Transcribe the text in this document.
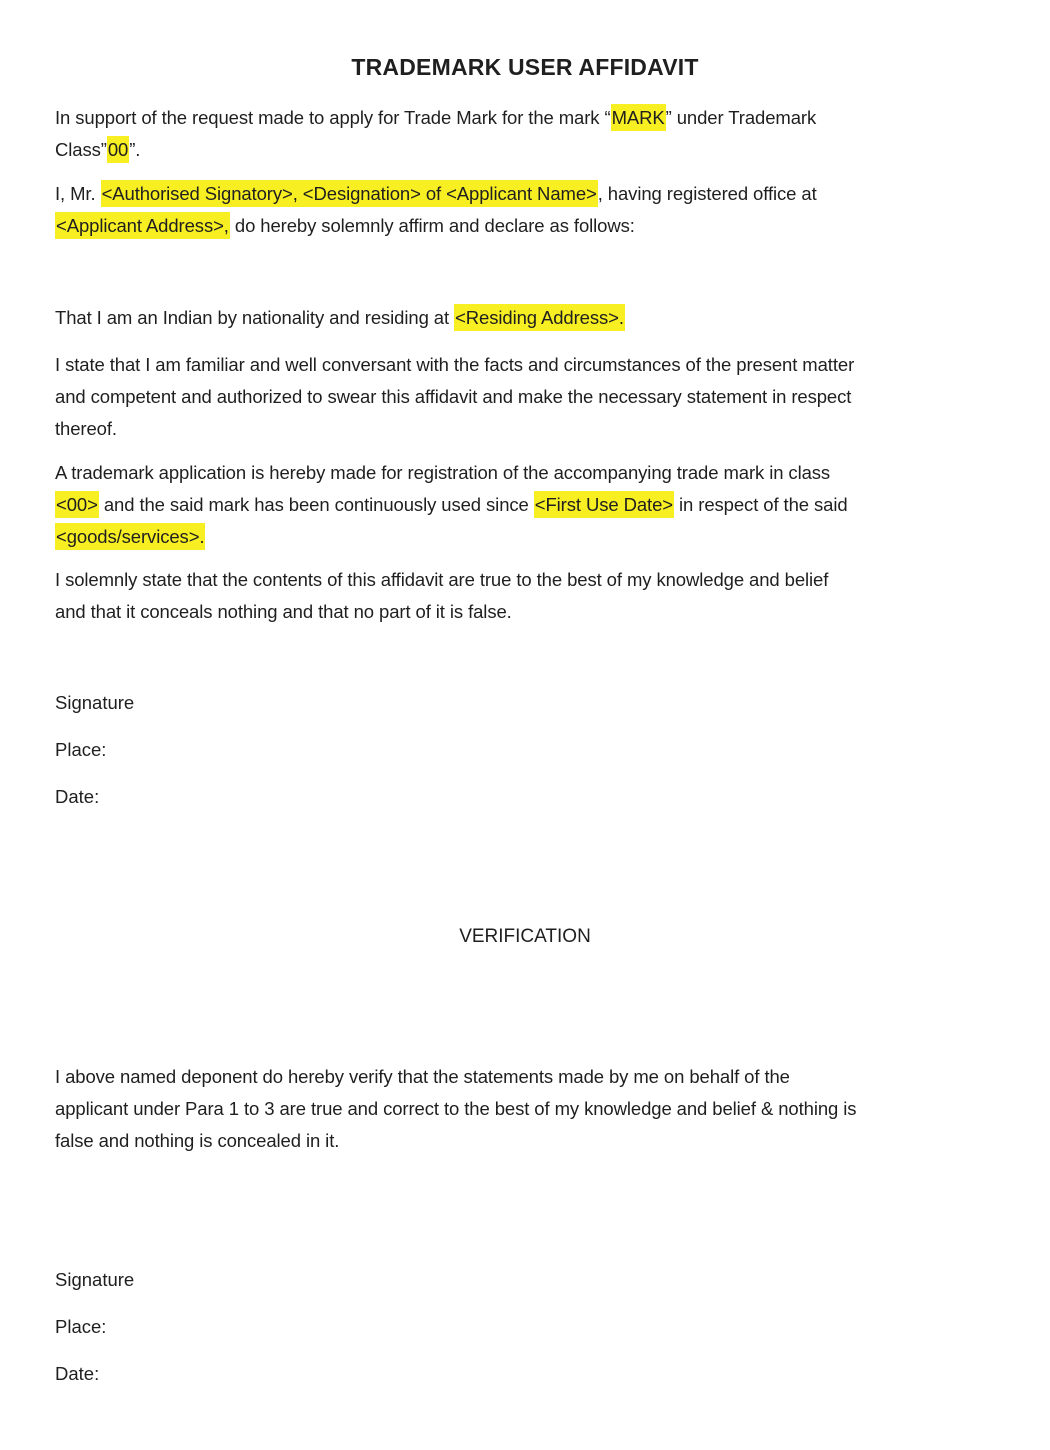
TRADEMARK USER AFFIDAVIT

In support of the request made to apply for Trade Mark for the mark “MARK” under Trademark
Class”00”.

I, Mr. <Authorised Signatory>, <Designation> of <Applicant Name>, having registered office at
<Applicant Address>, do hereby solemnly affirm and declare as follows:

That I am an Indian by nationality and residing at <Residing Address>.

I state that I am familiar and well conversant with the facts and circumstances of the present matter
and competent and authorized to swear this affidavit and make the necessary statement in respect
thereof.

A trademark application is hereby made for registration of the accompanying trade mark in class
<00> and the said mark has been continuously used since <First Use Date> in respect of the said
<goods/services>.

I solemnly state that the contents of this affidavit are true to the best of my knowledge and belief
and that it conceals nothing and that no part of it is false.

Signature

Place:

Date:

VERIFICATION

I above named deponent do hereby verify that the statements made by me on behalf of the
applicant under Para 1 to 3 are true and correct to the best of my knowledge and belief & nothing is
false and nothing is concealed in it.

Signature

Place:

Date:
